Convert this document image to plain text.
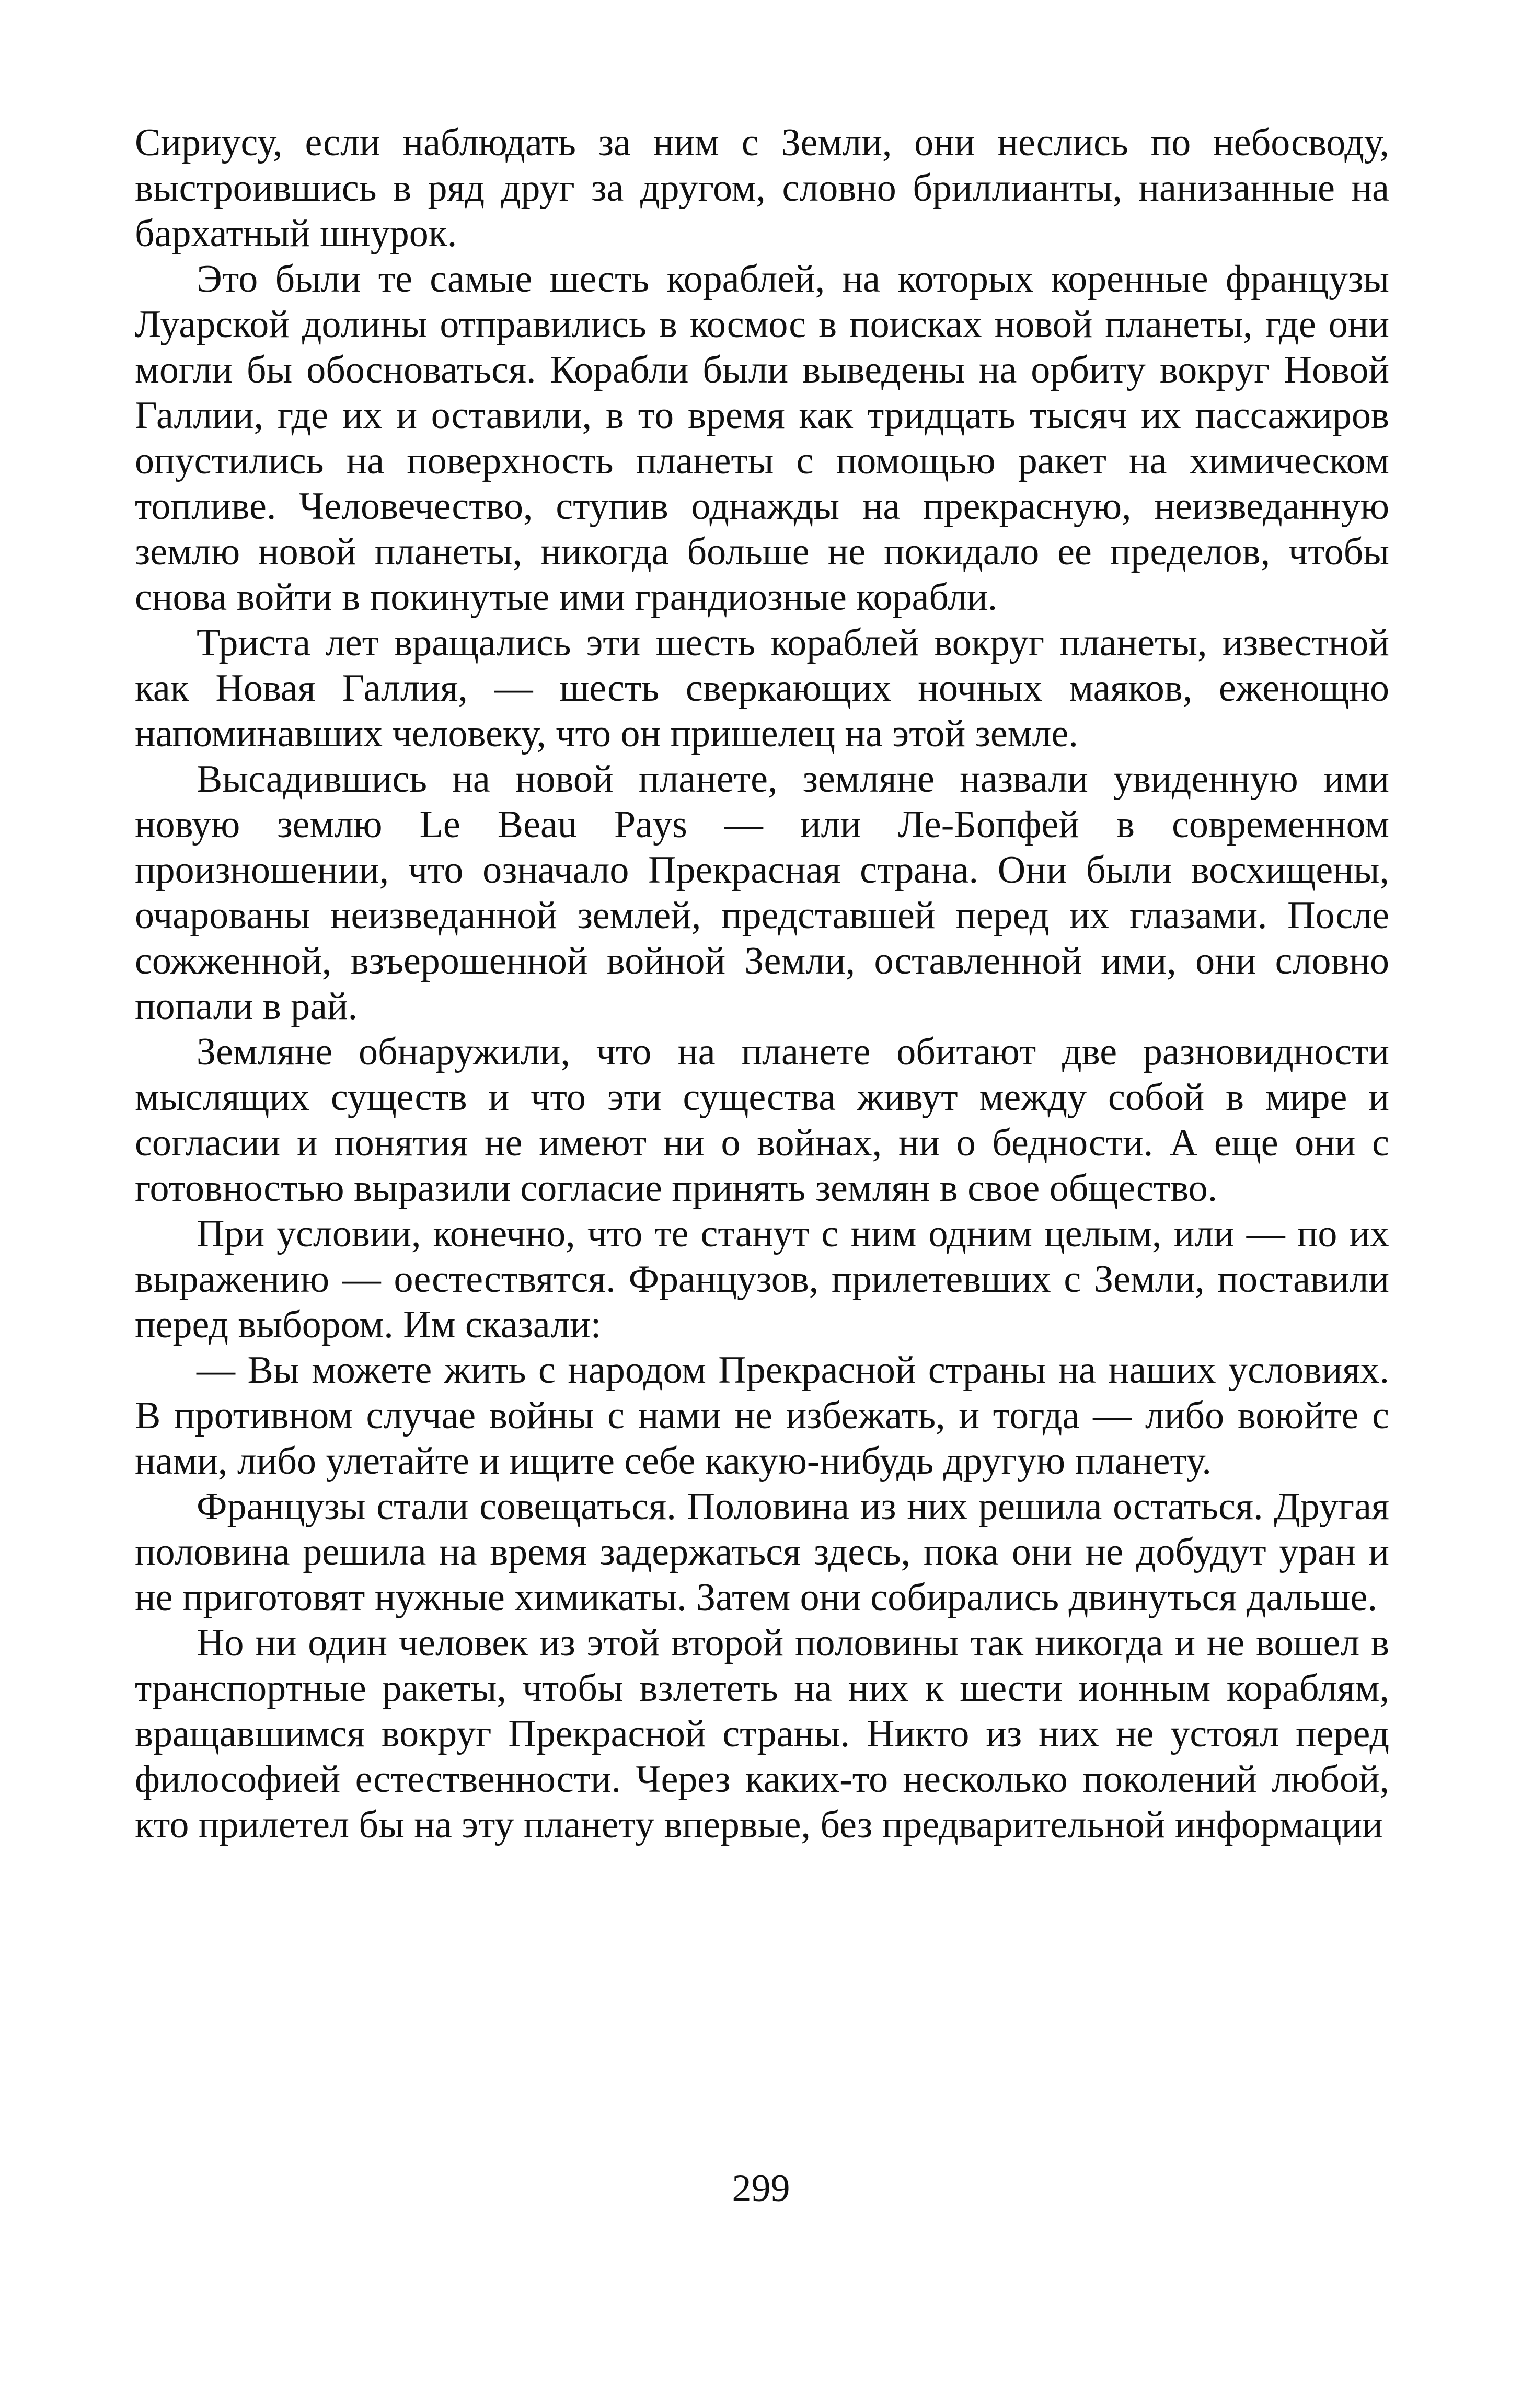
Сириусу, если наблюдать за ним с Земли, они неслись по небосводу, выстроившись в ряд друг за другом, словно бриллианты, нанизанные на бархатный шнурок.

Это были те самые шесть кораблей, на которых коренные французы Луарской долины отправились в космос в поисках новой планеты, где они могли бы обосноваться. Корабли были выведены на орбиту вокруг Новой Галлии, где их и оставили, в то время как тридцать тысяч их пассажиров опустились на поверхность планеты с помощью ракет на химическом топливе. Человечество, ступив однажды на прекрасную, неизведанную землю новой планеты, никогда больше не покидало ее пределов, чтобы снова войти в покинутые ими грандиозные корабли.

Триста лет вращались эти шесть кораблей вокруг планеты, известной как Новая Галлия, — шесть сверкающих ночных маяков, еженощно напоминавших человеку, что он пришелец на этой земле.

Высадившись на новой планете, земляне назвали увиденную ими новую землю Le Beau Pays — или Ле-Бопфей в современном произношении, что означало Прекрасная страна. Они были восхищены, очарованы неизведанной землей, представшей перед их глазами. После сожженной, взъерошенной войной Земли, оставленной ими, они словно попали в рай.

Земляне обнаружили, что на планете обитают две разновидности мыслящих существ и что эти существа живут между собой в мире и согласии и понятия не имеют ни о войнах, ни о бедности. А еще они с готовностью выразили согласие принять землян в свое общество.

При условии, конечно, что те станут с ним одним целым, или — по их выражению — оестествятся. Французов, прилетевших с Земли, поставили перед выбором. Им сказали:

— Вы можете жить с народом Прекрасной страны на наших условиях. В противном случае войны с нами не избежать, и тогда — либо воюйте с нами, либо улетайте и ищите себе какую-нибудь другую планету.

Французы стали совещаться. Половина из них решила остаться. Другая половина решила на время задержаться здесь, пока они не добудут уран и не приготовят нужные химикаты. Затем они собирались двинуться дальше.

Но ни один человек из этой второй половины так никогда и не вошел в транспортные ракеты, чтобы взлететь на них к шести ионным кораблям, вращавшимся вокруг Прекрасной страны. Никто из них не устоял перед философией естественности. Через каких-то несколько поколений любой, кто прилетел бы на эту планету впервые, без предварительной информации

299
